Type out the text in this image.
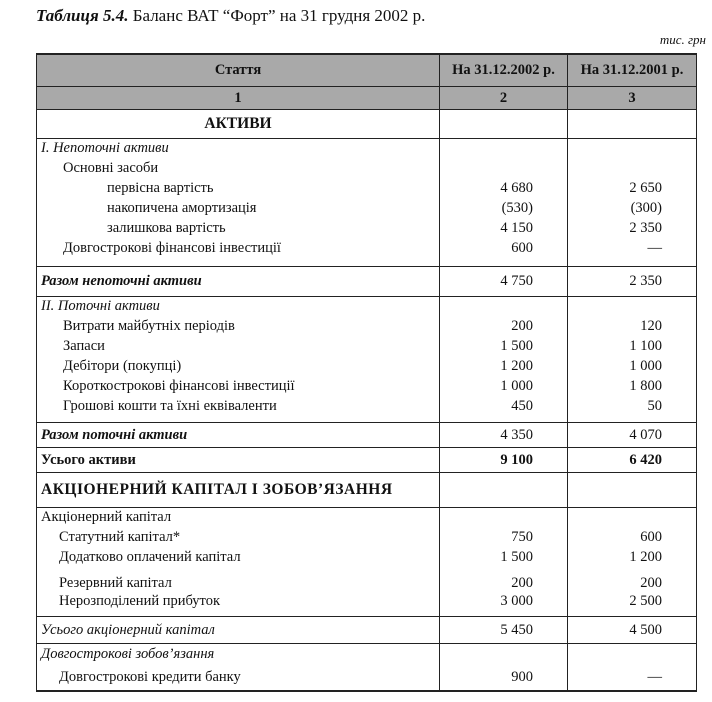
Таблиця 5.4. Баланс ВАТ “Форт” на 31 грудня 2002 р.
тис. грн
Стаття	На 31.12.2002 р.	На 31.12.2001 р.
1	2	3
АКТИВИ		
І. Непоточні активи		
Основні засоби		
первісна вартість	4 680	2 650
накопичена амортизація	(530)	(300)
залишкова вартість	4 150	2 350
Довгострокові фінансові інвестиції	600	—

Разом непоточні активи	4 750	2 350
ІІ. Поточні активи		
Витрати майбутніх періодів	200	120
Запаси	1 500	1 100
Дебітори (покупці)	1 200	1 000
Короткострокові фінансові інвестиції	1 000	1 800
Грошові кошти та їхні еквіваленти	450	50

Разом поточні активи	4 350	4 070
Усього активи	9 100	6 420
АКЦІОНЕРНИЙ КАПІТАЛ І ЗОБОВ’ЯЗАННЯ		
Акціонерний капітал		
Статутний капітал*	750	600
Додатково оплачений капітал	1 500	1 200
Резервний капітал	200	200
Нерозподілений прибуток	3 000	2 500

Усього акціонерний капітал	5 450	4 500
Довгострокові зобов’язання		
Довгострокові кредити банку	900	—
